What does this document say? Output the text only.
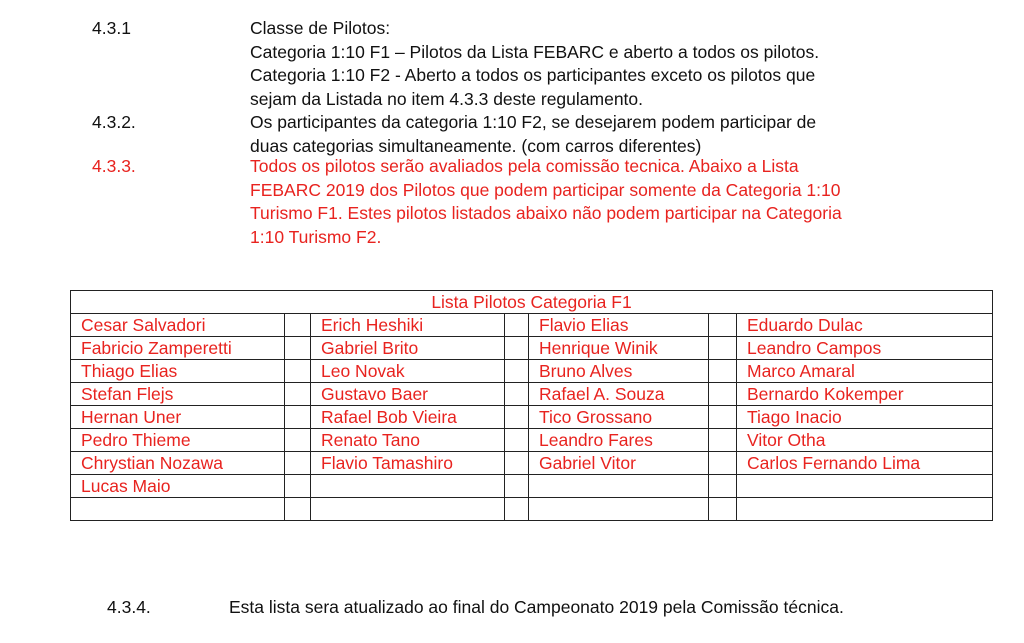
4.3.1	Classe de Pilotos:
Categoria 1:10 F1 – Pilotos da Lista FEBARC e aberto a todos os pilotos.
Categoria 1:10 F2 - Aberto a todos os participantes exceto os pilotos que
sejam da Listada no item 4.3.3 deste regulamento.
4.3.2.	Os participantes da categoria 1:10 F2, se desejarem podem participar de
duas categorias simultaneamente. (com carros diferentes)
4.3.3.	Todos os pilotos serão avaliados pela comissão tecnica. Abaixo a Lista
FEBARC 2019 dos Pilotos que podem participar somente da Categoria 1:10
Turismo F1. Estes pilotos listados abaixo não podem participar na Categoria
1:10 Turismo F2.
Lista Pilotos Categoria F1						
Cesar Salvadori		Erich Heshiki		Flavio Elias		Eduardo Dulac
Fabricio Zamperetti		Gabriel Brito		Henrique Winik		Leandro Campos
Thiago Elias		Leo Novak		Bruno Alves		Marco Amaral
Stefan Flejs		Gustavo Baer		Rafael A. Souza		Bernardo Kokemper
Hernan Uner		Rafael Bob Vieira		Tico Grossano		Tiago Inacio
Pedro Thieme		Renato Tano		Leandro Fares		Vitor Otha
Chrystian Nozawa		Flavio Tamashiro		Gabriel Vitor		Carlos Fernando Lima
Lucas Maio						

4.3.4.	Esta lista sera atualizado ao final do Campeonato 2019 pela Comissão técnica.
